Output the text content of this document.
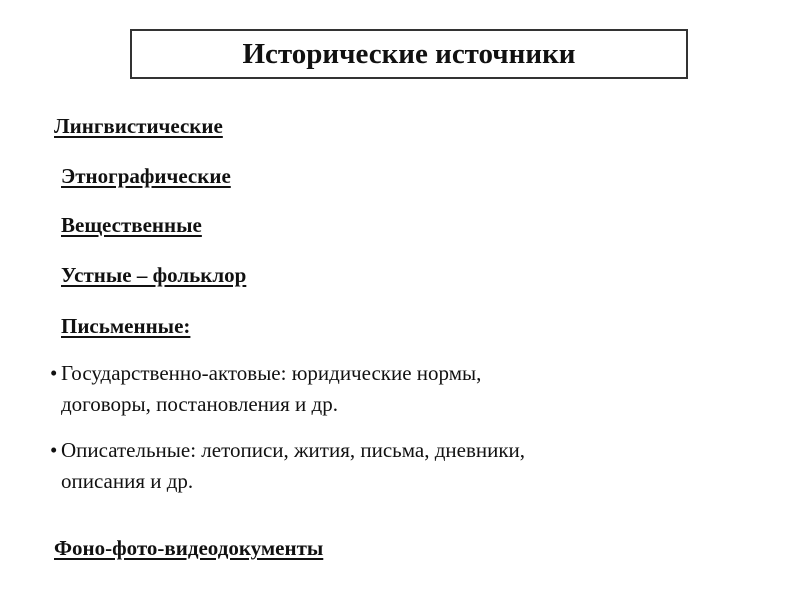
Исторические источники
Лингвистические
Этнографические
Вещественные
Устные – фольклор
Письменные:
• Государственно-актовые: юридические нормы,
договоры, постановления и др.
• Описательные: летописи, жития, письма, дневники,
описания и др.
Фоно-фото-видеодокументы
